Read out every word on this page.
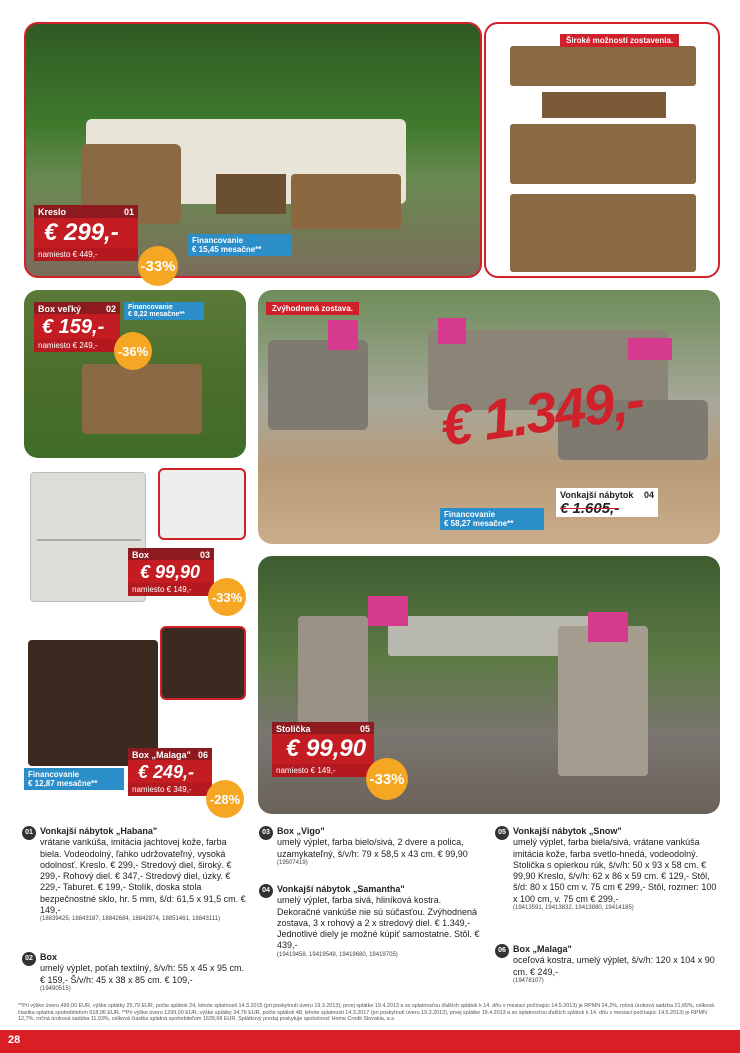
Kreslo	01
€ 299,-
namiesto € 449,-
-33%
Financovanie
€ 15,45 mesačne**
Široké možnosti zostavenia.
Box veľký	02
€ 159,-
namiesto € 249,-	-36%
Financovanie
€ 8,22 mesačne**
Zvýhodnená zostava.
€ 1.349,-
Vonkajší nábytok 04
€ 1.605,-
Financovanie
€ 58,27 mesačne**
Box	03
€ 99,90
namiesto € 149,-	-33%
Box „Malaga" 06
€ 249,-
namiesto € 349,-
-28%
Financovanie
€ 12,87 mesačne**
Stolička	05
€ 99,90
namiesto € 149,-	-33%
01 Vonkajší nábytok „Habana"
vrátane vankúša, imitácia jachtovej kože, farba biela. Vodeodolný, ľahko udržovateľný, vysoká odolnosť. Kreslo. € 299,- Stredový diel, široký. € 299,- Rohový diel. € 347,- Stredový diel, úzky. € 229,- Taburet. € 199,- Stolík, doska stola bezpečnostné sklo, hr. 5 mm, š/d: 61,5 x 91,5 cm. € 149,-
(18839425, 18843187, 18842684, 18842874, 18851461, 18843111)
02 Box
umelý výplet, poťah textilný, š/v/h: 55 x 45 x 95 cm. € 159,- Š/v/h: 45 x 38 x 85 cm. € 109,-
(19490515)
03 Box „Vigo"
umelý výplet, farba bielo/sivá, 2 dvere a polica, uzamykateľný, š/v/h: 79 x 58,5 x 43 cm. € 99,90
(19507419)
04 Vonkajší nábytok „Samantha"
umelý výplet, farba sivá, hliníková kostra. Dekoračné vankúše nie sú súčasťou. Zvýhodnená zostava, 3 x rohový a 2 x stredový diel. € 1.349,- Jednotlivé diely je možné kúpiť samostatne. Stôl. € 439,-
(19419458, 19419549, 19419680, 19419705)
05 Vonkajší nábytok „Snow"
umelý výplet, farba biela/sivá, vrátane vankúša imitácia kože, farba svetlo-hnedá, vodeodolný. Stolička s opierkou rúk, š/v/h: 50 x 93 x 58 cm. € 99,90 Kreslo, š/v/h: 62 x 86 x 59 cm. € 129,- Stôl, š/d: 80 x 150 cm v. 75 cm € 299,- Stôl, rozmer: 100 x 100 cm, v. 75 cm € 299,-
(19413591, 19413832, 19413880, 19414185)
06 Box „Malaga"
oceľová kostra, umelý výplet, š/v/h: 120 x 104 x 90 cm. € 249,-
(19478107)
**Pri výške úveru 499,00 EUR, výške splátky 25,79 EUR, počte splátok 24, lehote splatnosti 14.3.2015 (pri poskytnutí úveru 19.3.2013), prvej splátke 19.4.2013 a so splatnosťou ďalších splátok k 14. dňu v mesiaci počínajúc 14.5.2013) je RPMN 24,2%, ročná úroková sadzba 21,65%, celková čiastka splatná spotrebiteľom 618,96 EUR. **Pri výške úveru 1299,00 EUR, výške splátky 34,76 EUR, počte splátok 48, lehote splatnosti 14.3.2017 (pri poskytnutí úveru 19.3.2013), prvej splátke 19.4.2013 a so splatnosťou ďalších splátok k 14. dňu v mesiaci počínajúc 14.5.2013) je RPMN 12,7%, ročná úroková sadzba 11,93%, celková čiastka splatná spotrebiteľom 1639,68 EUR. Splátkový predaj poskytuje spoločnosť Home Credit Slovakia, a.s.
28
